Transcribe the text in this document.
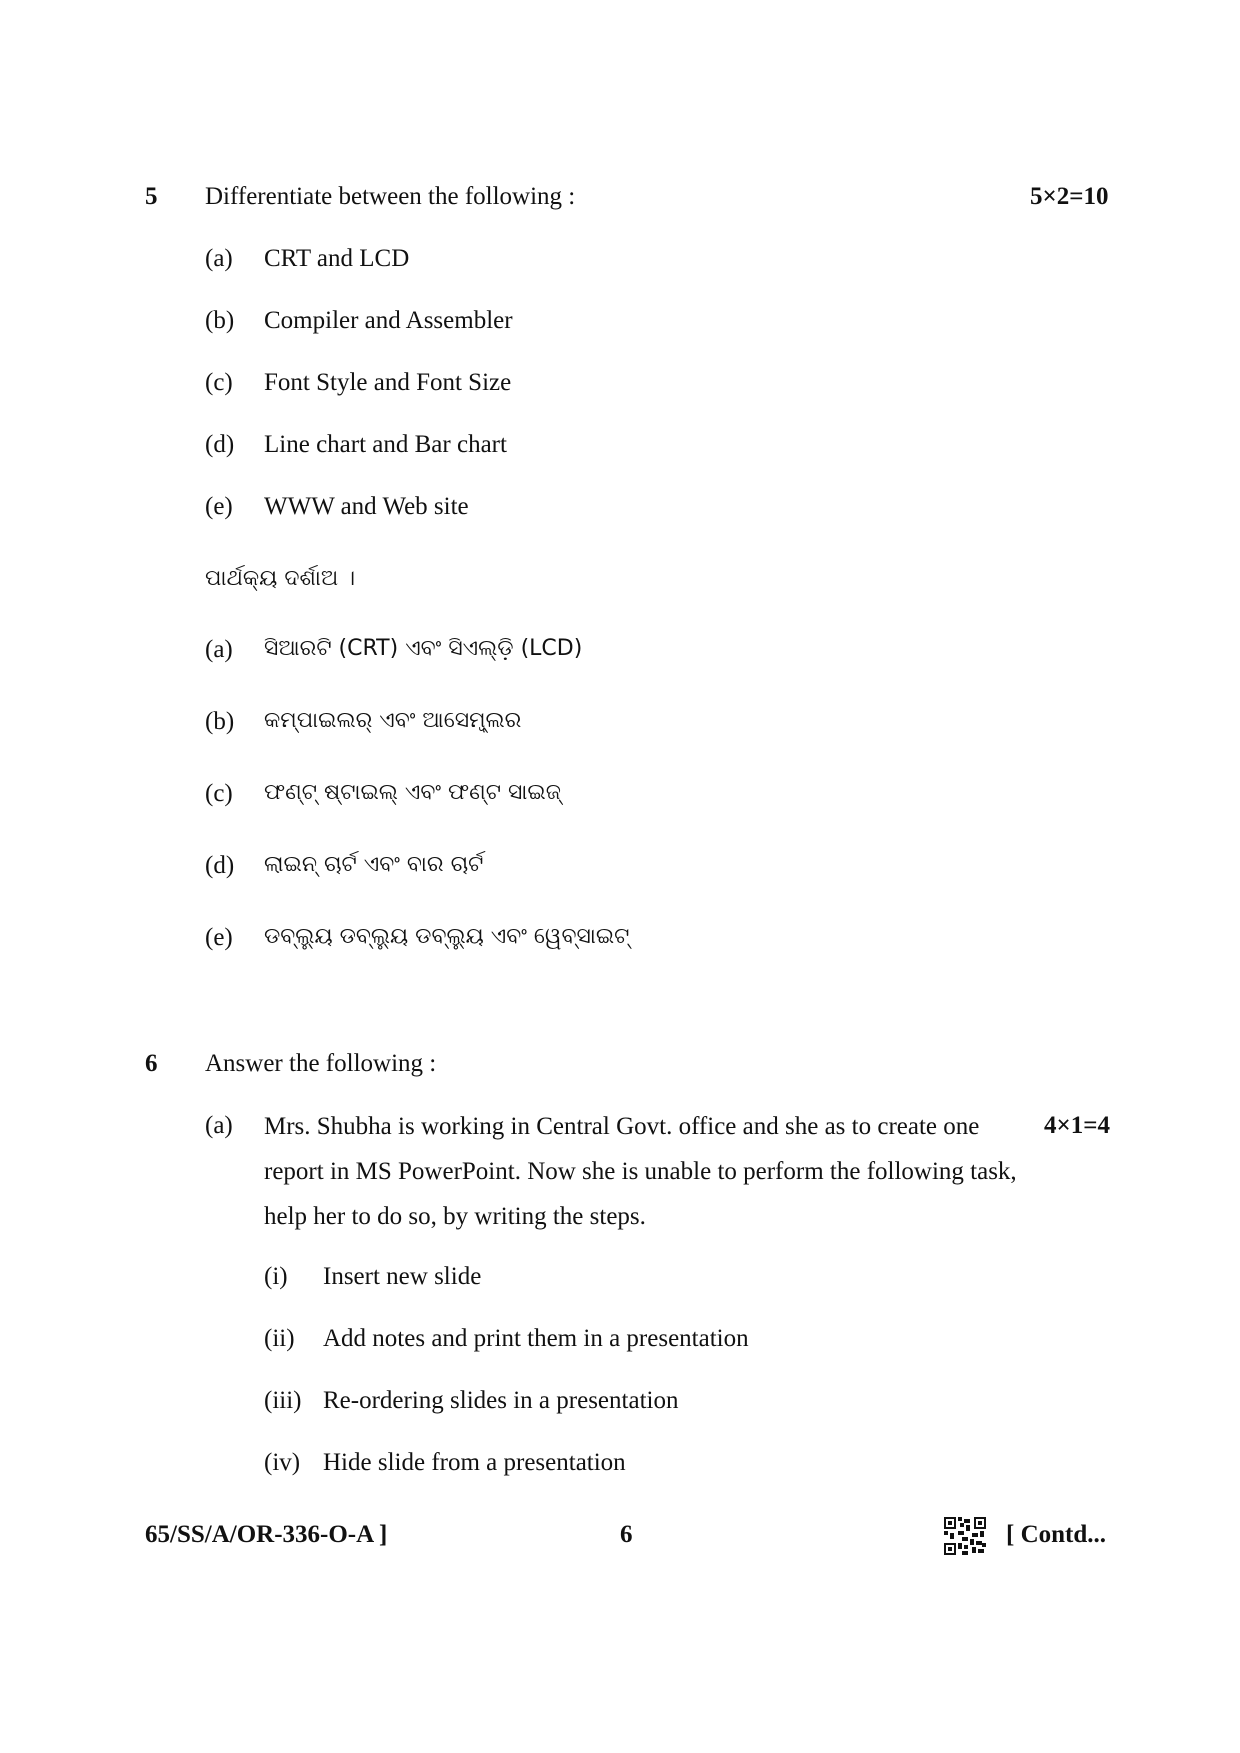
5 Differentiate between the following :	5×2=10
(a) CRT and LCD
(b) Compiler and Assembler
(c) Font Style and Font Size
(d) Line chart and Bar chart
(e) WWW and Web site
ପାର୍ଥକ୍ୟ ଦର୍ଶାଅ ।
(a) ସିଆରଟି (CRT) ଏବଂ ସିଏଲ୍‌ଡ଼ି (LCD)
(b) କମ୍ପାଇଲର୍ ଏବଂ ଆସେମ୍ବ୍ଲର
(c) ଫଣ୍ଟ୍ ଷ୍ଟାଇଲ୍ ଏବଂ ଫଣ୍ଟ ସାଇଜ୍
(d) ଲାଇନ୍ ଚାର୍ଟ ଏବଂ ବାର ଚାର୍ଟ
(e) ଡବ୍ଲ୍ୟୁ ଡବ୍ଲ୍ୟୁ ଡବ୍ଲ୍ୟୁ ଏବଂ ୱେବ୍‌ସାଇଟ୍
6 Answer the following :
(a) Mrs. Shubha is working in Central Govt. office and she as to create one report in MS PowerPoint. Now she is unable to perform the following task, help her to do so, by writing the steps.
4×1=4
(i) Insert new slide
(ii) Add notes and print them in a presentation
(iii) Re-ordering slides in a presentation
(iv) Hide slide from a presentation
65/SS/A/OR-336-O-A ]	6	[ Contd...
